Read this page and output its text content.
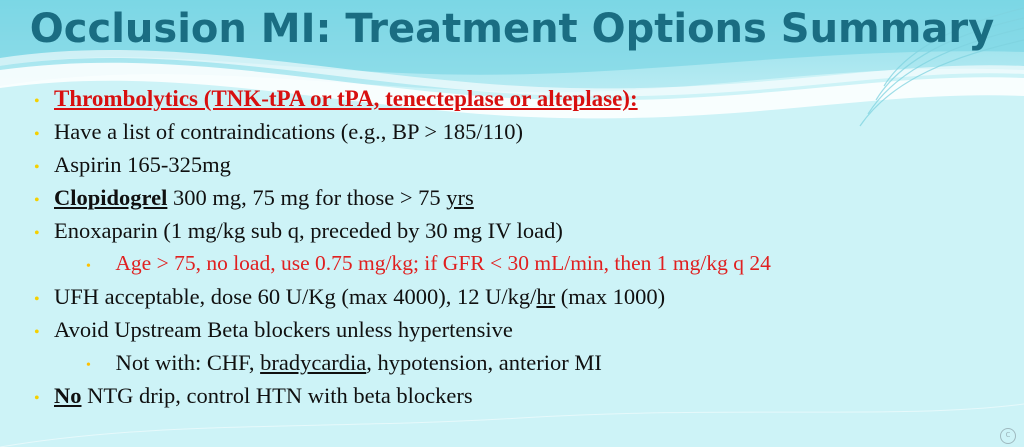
Occlusion MI: Treatment Options Summary
• Thrombolytics (TNK-tPA or tPA, tenecteplase or alteplase):
• Have a list of contraindications (e.g., BP > 185/110)
• Aspirin 165-325mg
• Clopidogrel 300 mg, 75 mg for those > 75 yrs
• Enoxaparin (1 mg/kg sub q, preceded by 30 mg IV load)
•	Age > 75, no load, use 0.75 mg/kg; if GFR < 30 mL/min, then 1 mg/kg q 24
• UFH acceptable, dose 60 U/Kg (max 4000), 12 U/kg/hr (max 1000)
• Avoid Upstream Beta blockers unless hypertensive
•	Not with: CHF, bradycardia, hypotension, anterior MI
• No NTG drip, control HTN with beta blockers
c
